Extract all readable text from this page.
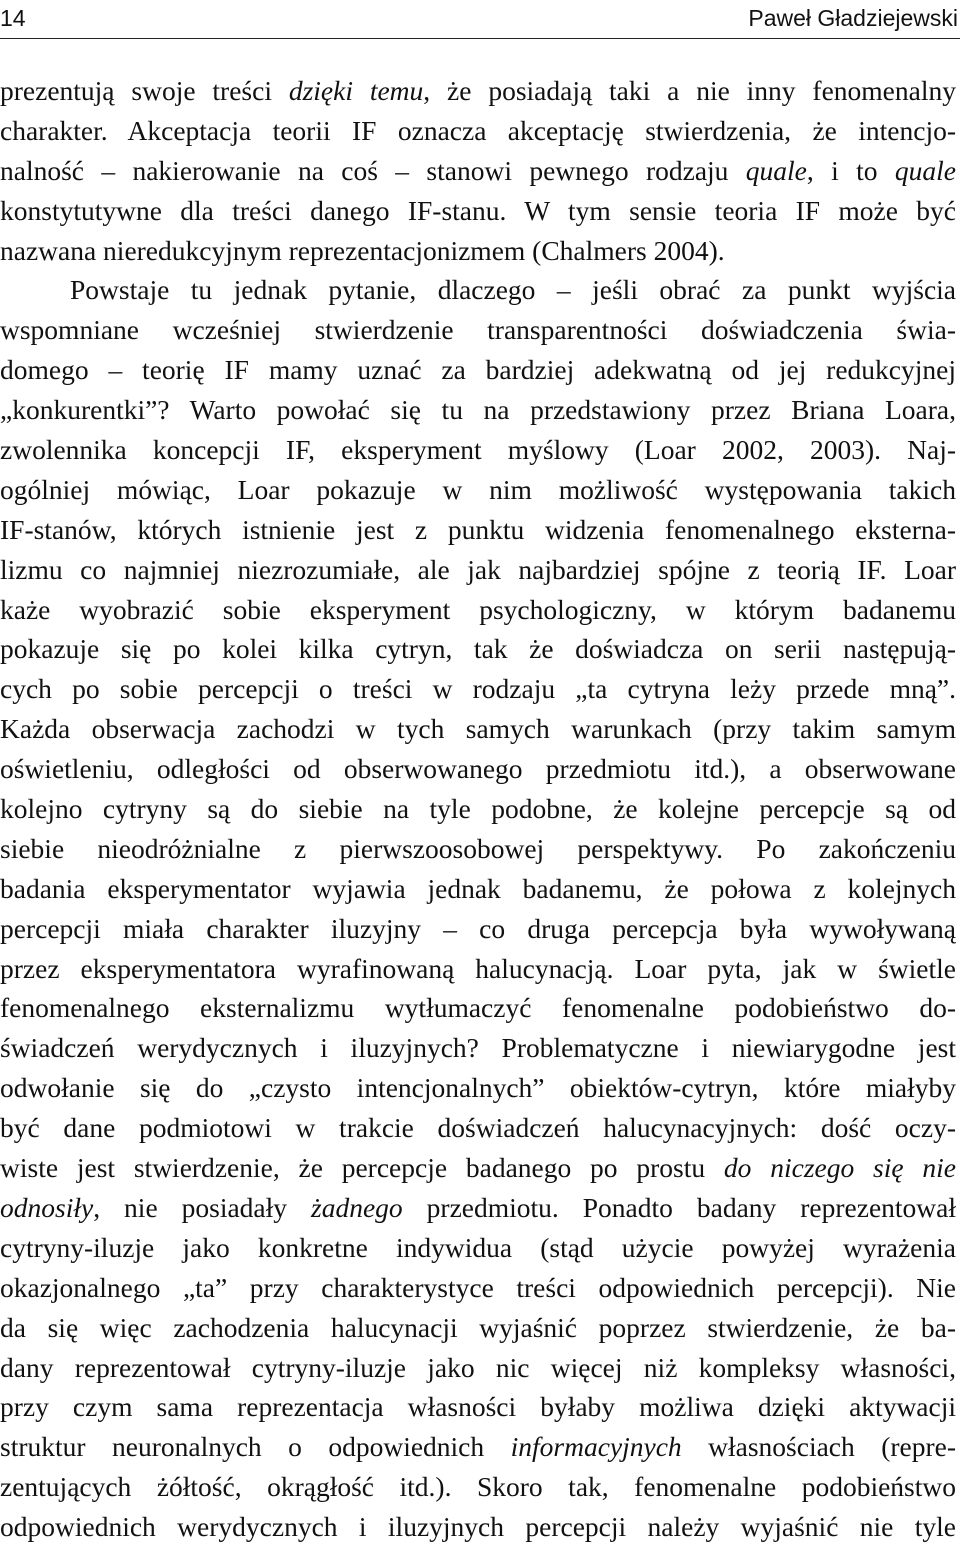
14	Paweł Gładziejewski
prezentują swoje treści dzięki temu, że posiadają taki a nie inny fenomenalny
charakter. Akceptacja teorii IF oznacza akceptację stwierdzenia, że intencjo-
nalność – nakierowanie na coś – stanowi pewnego rodzaju quale, i to quale
konstytutywne dla treści danego IF-stanu. W tym sensie teoria IF może być
nazwana nieredukcyjnym reprezentacjonizmem (Chalmers 2004).
Powstaje tu jednak pytanie, dlaczego – jeśli obrać za punkt wyjścia
wspomniane wcześniej stwierdzenie transparentności doświadczenia świa-
domego – teorię IF mamy uznać za bardziej adekwatną od jej redukcyjnej
„konkurentki”? Warto powołać się tu na przedstawiony przez Briana Loara,
zwolennika koncepcji IF, eksperyment myślowy (Loar 2002, 2003). Naj-
ogólniej mówiąc, Loar pokazuje w nim możliwość występowania takich
IF-stanów, których istnienie jest z punktu widzenia fenomenalnego eksterna-
lizmu co najmniej niezrozumiałe, ale jak najbardziej spójne z teorią IF. Loar
każe wyobrazić sobie eksperyment psychologiczny, w którym badanemu
pokazuje się po kolei kilka cytryn, tak że doświadcza on serii następują-
cych po sobie percepcji o treści w rodzaju „ta cytryna leży przede mną”.
Każda obserwacja zachodzi w tych samych warunkach (przy takim samym
oświetleniu, odległości od obserwowanego przedmiotu itd.), a obserwowane
kolejno cytryny są do siebie na tyle podobne, że kolejne percepcje są od
siebie nieodróżnialne z pierwszoosobowej perspektywy. Po zakończeniu
badania eksperymentator wyjawia jednak badanemu, że połowa z kolejnych
percepcji miała charakter iluzyjny – co druga percepcja była wywoływaną
przez eksperymentatora wyrafinowaną halucynacją. Loar pyta, jak w świetle
fenomenalnego eksternalizmu wytłumaczyć fenomenalne podobieństwo do-
świadczeń werydycznych i iluzyjnych? Problematyczne i niewiarygodne jest
odwołanie się do „czysto intencjonalnych” obiektów-cytryn, które miałyby
być dane podmiotowi w trakcie doświadczeń halucynacyjnych: dość oczy-
wiste jest stwierdzenie, że percepcje badanego po prostu do niczego się nie
odnosiły, nie posiadały żadnego przedmiotu. Ponadto badany reprezentował
cytryny-iluzje jako konkretne indywidua (stąd użycie powyżej wyrażenia
okazjonalnego „ta” przy charakterystyce treści odpowiednich percepcji). Nie
da się więc zachodzenia halucynacji wyjaśnić poprzez stwierdzenie, że ba-
dany reprezentował cytryny-iluzje jako nic więcej niż kompleksy własności,
przy czym sama reprezentacja własności byłaby możliwa dzięki aktywacji
struktur neuronalnych o odpowiednich informacyjnych własnościach (repre-
zentujących żółtość, okrągłość itd.). Skoro tak, fenomenalne podobieństwo
odpowiednich werydycznych i iluzyjnych percepcji należy wyjaśnić nie tyle
